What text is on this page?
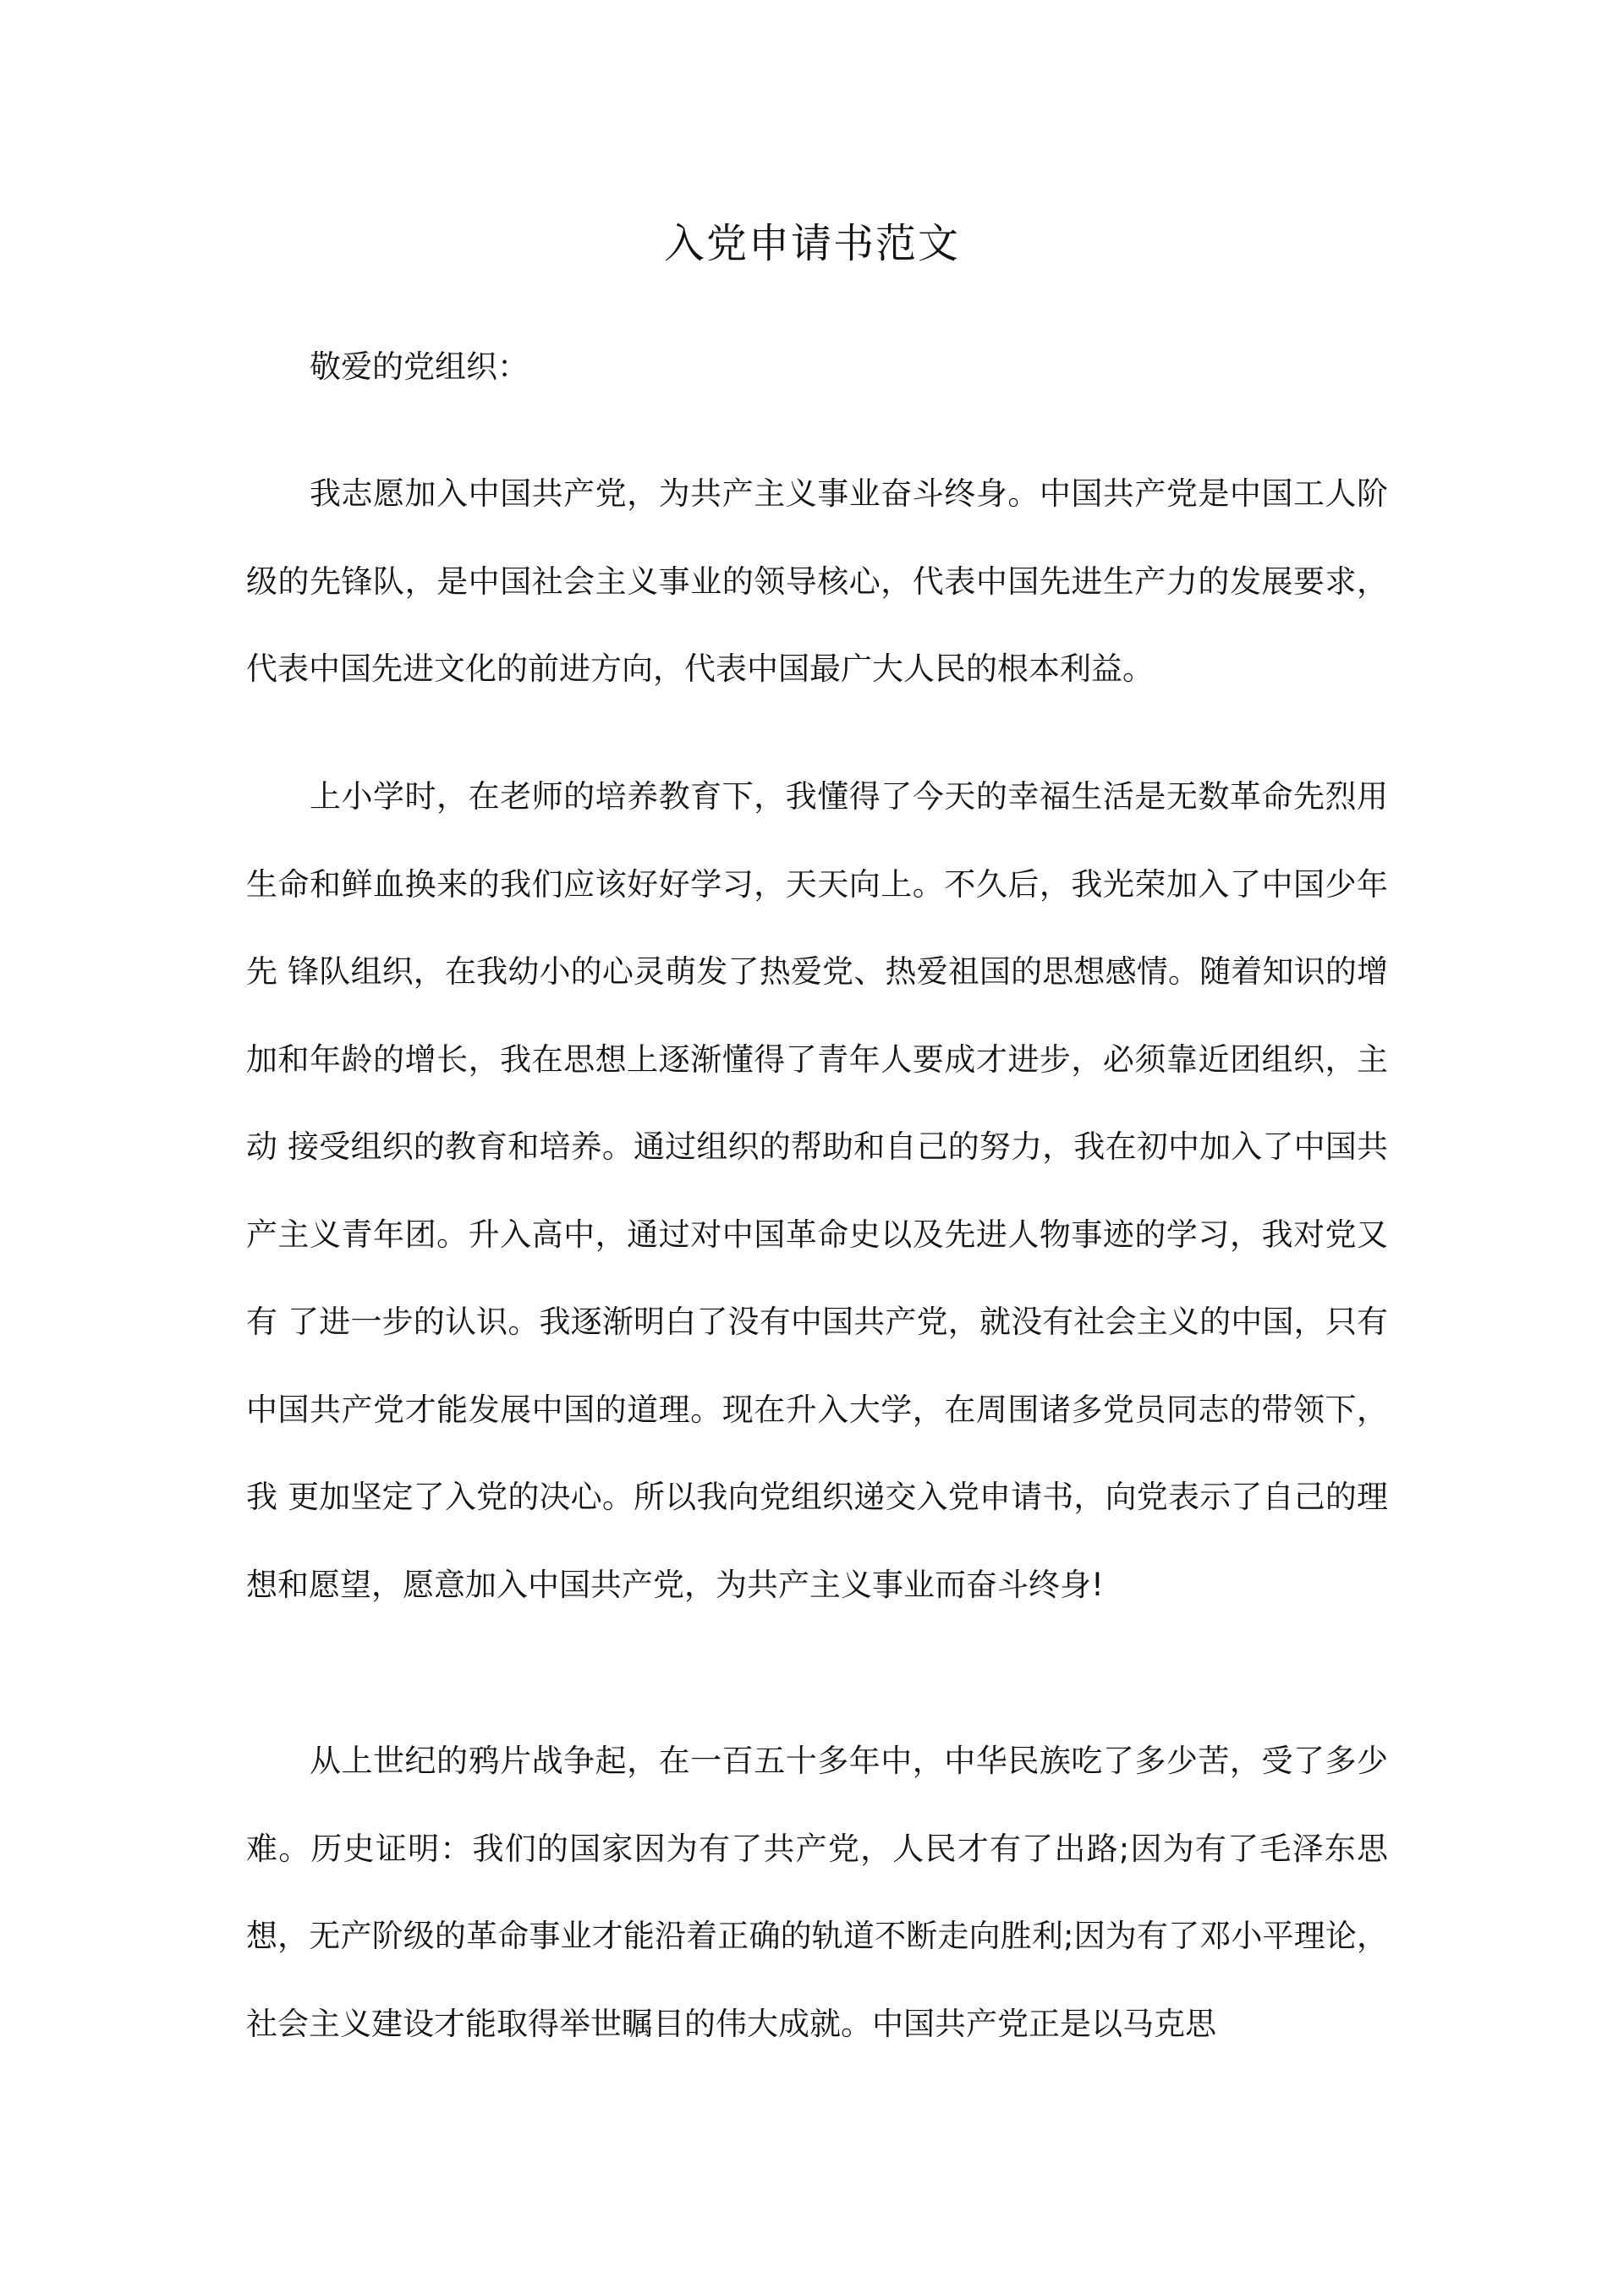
入党申请书范文
敬爱的党组织：

我志愿加入中国共产党，为共产主义事业奋斗终身。中国共产党是中国工人阶级的先锋队，是中国社会主义事业的领导核心，代表中国先进生产力的发展要求，代表中国先进文化的前进方向，代表中国最广大人民的根本利益。

上小学时，在老师的培养教育下，我懂得了今天的幸福生活是无数革命先烈用生命和鲜血换来的我们应该好好学习，天天向上。不久后，我光荣加入了中国少年先 锋队组织，在我幼小的心灵萌发了热爱党、热爱祖国的思想感情。随着知识的增加和年龄的增长，我在思想上逐渐懂得了青年人要成才进步，必须靠近团组织，主动 接受组织的教育和培养。通过组织的帮助和自己的努力，我在初中加入了中国共产主义青年团。升入高中，通过对中国革命史以及先进人物事迹的学习，我对党又有 了进一步的认识。我逐渐明白了没有中国共产党，就没有社会主义的中国，只有中国共产党才能发展中国的道理。现在升入大学，在周围诸多党员同志的带领下，我 更加坚定了入党的决心。所以我向党组织递交入党申请书，向党表示了自己的理想和愿望，愿意加入中国共产党，为共产主义事业而奋斗终身!

从上世纪的鸦片战争起，在一百五十多年中，中华民族吃了多少苦，受了多少难。历史证明：我们的国家因为有了共产党，人民才有了出路;因为有了毛泽东思 想，无产阶级的革命事业才能沿着正确的轨道不断走向胜利;因为有了邓小平理论，社会主义建设才能取得举世瞩目的伟大成就。中国共产党正是以马克思
